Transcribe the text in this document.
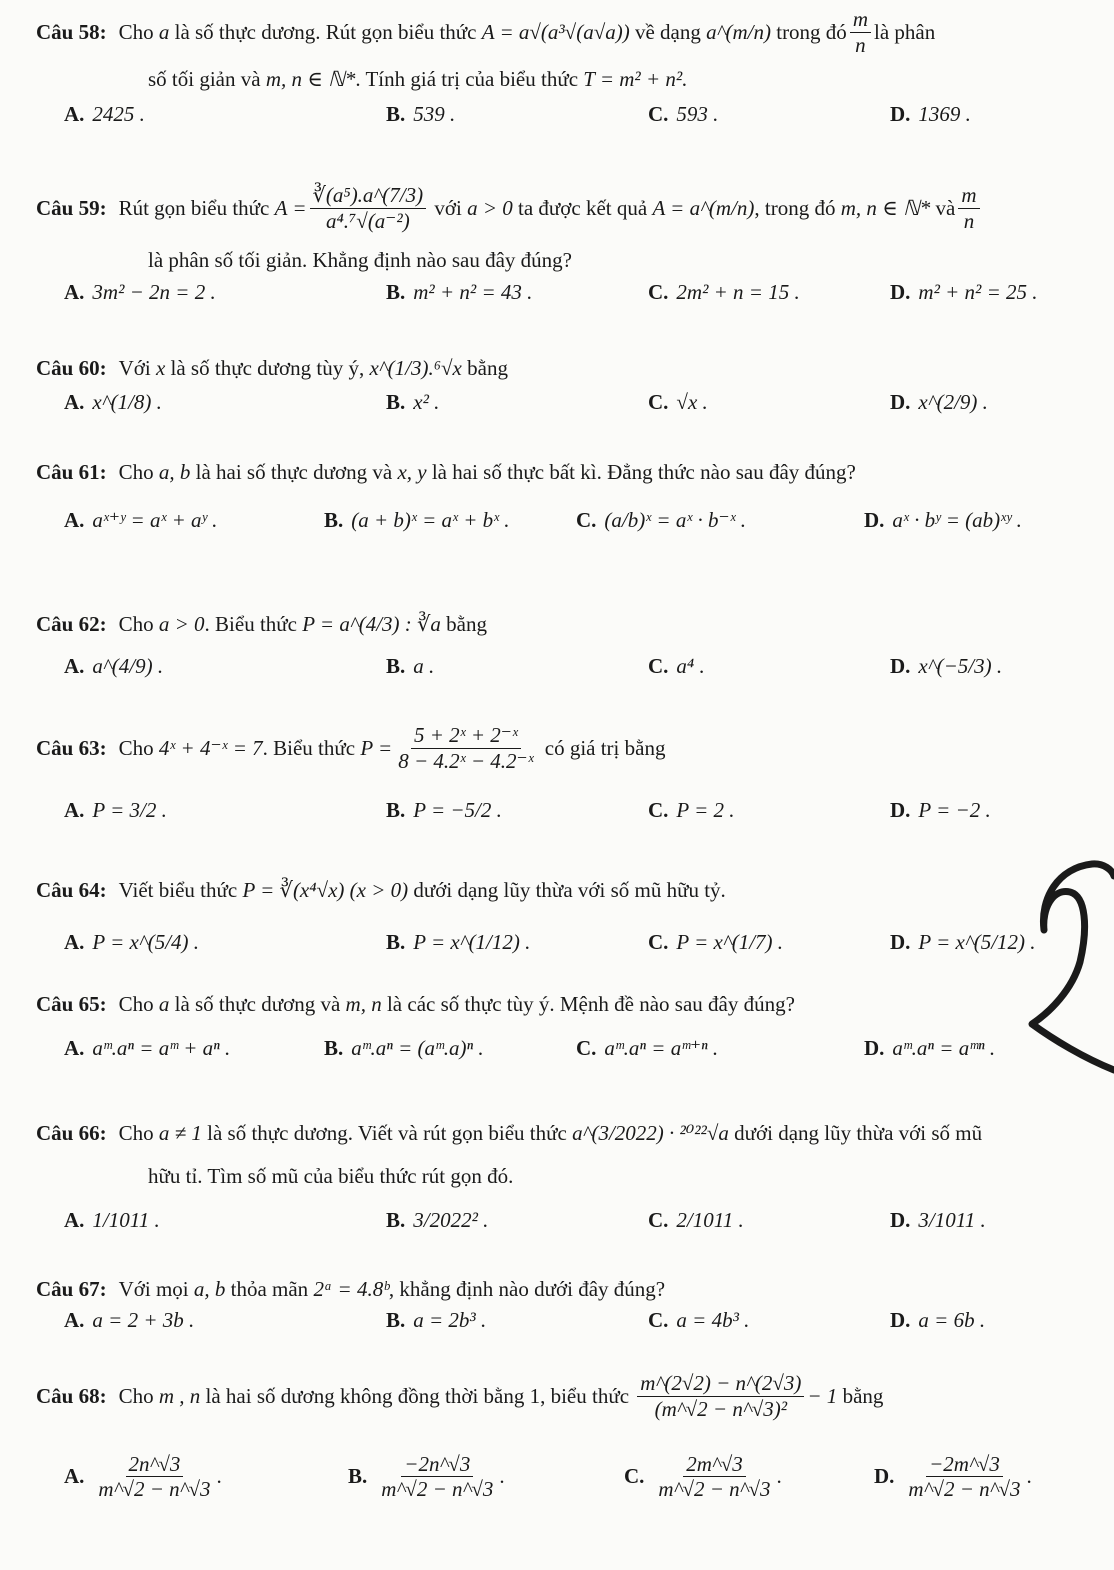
Câu 58: Cho
a
là số thực dương. Rút gọn biểu thức
A = a√(a³√(a√a))
về dạng
a^(m/n)
trong đó $\frac{m}{n}$ là phân
số tối giản và
m, n ∈ ℕ* . Tính giá trị của biểu thức
T = m² + n².
A. 2425 .	B. 539 .	C. 593 .	D. 1369 .
Câu 59: Rút gọn biểu thức
$A = \frac{\text{∛(a⁵).a\textasciicircum{}(7/3)}}{\text{a⁴.⁷√(a⁻²)}}$
với
a > 0
ta được kết quả
A = a^(m/n) , trong đó
m, n ∈ ℕ*
và $\frac{m}{n}$
là phân số tối giản. Khẳng định nào sau đây đúng?
A. 3m² − 2n = 2 .	B. m² + n² = 43 .	C. 2m² + n = 15 .	D. m² + n² = 25 .
Câu 60: Với
x
là số thực dương tùy ý,
x^(1/3).⁶√x
bằng
A. x^(1/8) .	B. x² .	C. √x .	D. x^(2/9) .
Câu 61: Cho
a, b
là hai số thực dương và
x, y
là hai số thực bất kì. Đẳng thức nào sau đây đúng?
A. aˣ⁺ʸ = aˣ + aʸ .	B. (a + b)ˣ = aˣ + bˣ .	C. (a/b)ˣ = aˣ · b⁻ˣ .	D. aˣ · bʸ = (ab)ˣʸ .
Câu 62: Cho
a > 0 . Biểu thức
P = a^(4/3) : ∛a
bằng
A. a^(4/9) .	B. a .	C. a⁴ .	D. x^(−5/3) .
Câu 63: Cho
4ˣ + 4⁻ˣ = 7 . Biểu thức
$P = \frac{\text{5 + 2ˣ + 2⁻ˣ}}{\text{8 − 4.2ˣ − 4.2⁻ˣ}}$
có giá trị bằng
A. P = 3/2 .	B. P = −5/2 .	C. P = 2 .	D. P = −2 .
Câu 64: Viết biểu thức
P = ∛(x⁴√x) (x > 0)
dưới dạng lũy thừa với số mũ hữu tỷ.
A. P = x^(5/4) .	B. P = x^(1/12) .	C. P = x^(1/7) .	D. P = x^(5/12) .
Câu 65: Cho
a
là số thực dương và
m, n
là các số thực tùy ý. Mệnh đề nào sau đây đúng?
A. aᵐ.aⁿ = aᵐ + aⁿ .	B. aᵐ.aⁿ = (aᵐ.a)ⁿ .	C. aᵐ.aⁿ = aᵐ⁺ⁿ .	D. aᵐ.aⁿ = aᵐⁿ .
Câu 66: Cho
a ≠ 1
là số thực dương. Viết và rút gọn biểu thức
a^(3/2022) · ²⁰²²√a
dưới dạng lũy thừa với số mũ
hữu tỉ. Tìm số mũ của biểu thức rút gọn đó.
A. 1/1011 .	B. 3/2022² .	C. 2/1011 .	D. 3/1011 .
Câu 67: Với mọi
a, b
thỏa mãn
2ᵃ = 4.8ᵇ , khẳng định nào dưới đây đúng?
A. a = 2 + 3b .	B. a = 2b³ .	C. a = 4b³ .	D. a = 6b .
Câu 68: Cho
m , n
là hai số dương không đồng thời bằng 1, biểu thức
$\frac{m\^{}(2√2) - n\^{}(2√3)}{\text{(m\textasciicircum{}√2 − n\textasciicircum{}√3)²}} - 1$
bằng
A. $\frac{2n\^{}√3}{m\^{}√2 - n\^{}√3}$ .	B. $\frac{-2n\^{}√3}{m\^{}√2 - n\^{}√3}$ .	C. $\frac{2m\^{}√3}{m\^{}√2 - n\^{}√3}$ .	D. $\frac{-2m\^{}√3}{m\^{}√2 - n\^{}√3}$ .
